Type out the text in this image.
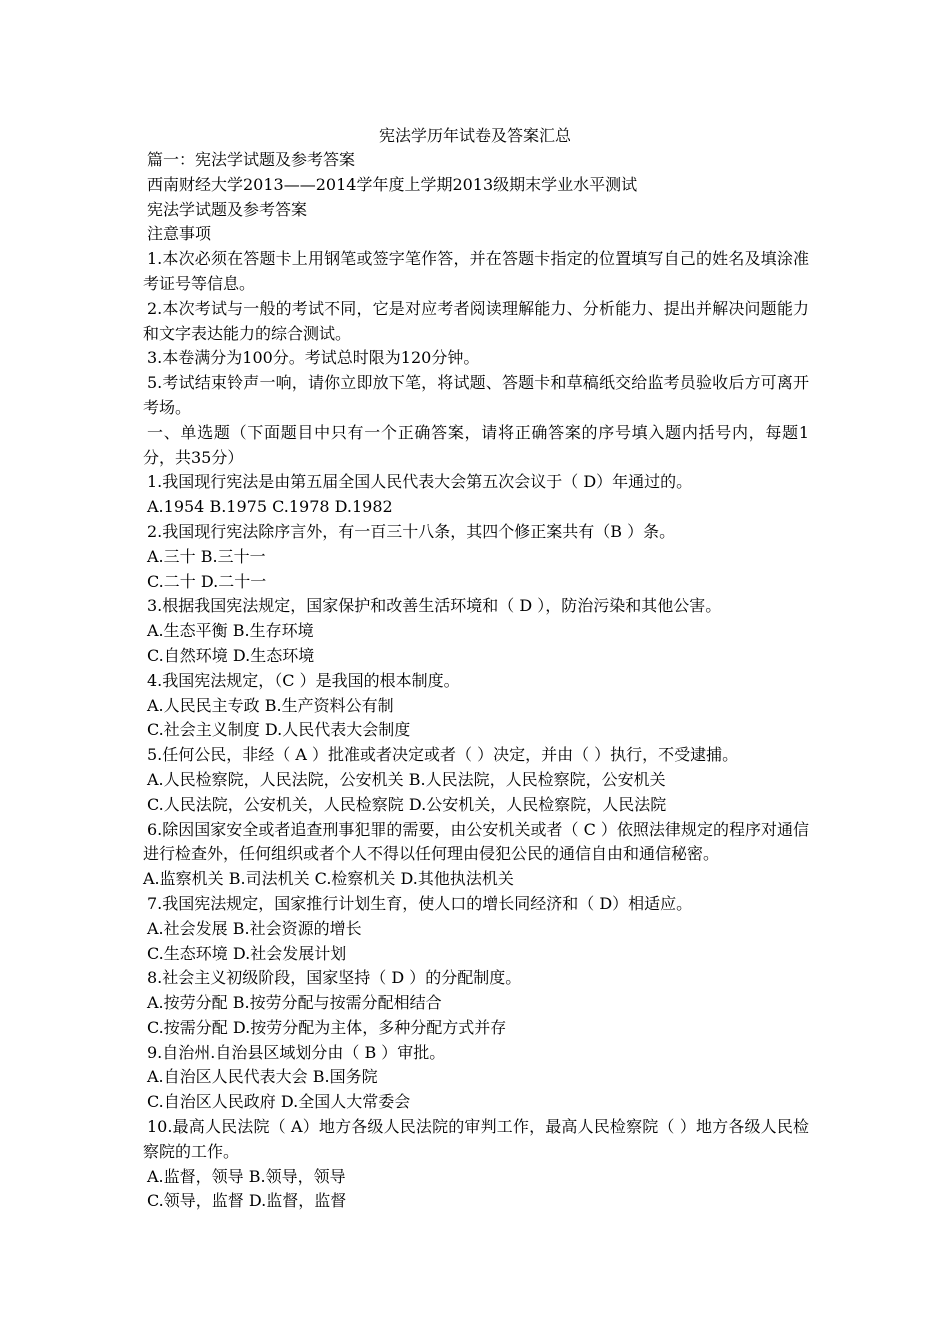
宪法学历年试卷及答案汇总

篇一：宪法学试题及参考答案

西南财经大学2013——2014学年度上学期2013级期末学业水平测试

宪法学试题及参考答案

注意事项

1.本次必须在答题卡上用钢笔或签字笔作答，并在答题卡指定的位置填写自己的姓名及填涂准考证号等信息。

2.本次考试与一般的考试不同，它是对应考者阅读理解能力、分析能力、提出并解决问题能力和文字表达能力的综合测试。

3.本卷满分为100分。考试总时限为120分钟。

5.考试结束铃声一响，请你立即放下笔，将试题、答题卡和草稿纸交给监考员验收后方可离开考场。

一、单选题（下面题目中只有一个正确答案，请将正确答案的序号填入题内括号内，每题1分，共35分）

1.我国现行宪法是由第五届全国人民代表大会第五次会议于（ D）年通过的。

A.1954 B.1975 C.1978 D.1982

2.我国现行宪法除序言外，有一百三十八条，其四个修正案共有（B ）条。

A.三十 B.三十一

C.二十 D.二十一

3.根据我国宪法规定，国家保护和改善生活环境和（ D ），防治污染和其他公害。

A.生态平衡 B.生存环境

C.自然环境 D.生态环境

4.我国宪法规定，（C ）是我国的根本制度。

A.人民民主专政 B.生产资料公有制

C.社会主义制度 D.人民代表大会制度

5.任何公民，非经（ A ）批准或者决定或者（ ）决定，并由（ ）执行，不受逮捕。

A.人民检察院，人民法院，公安机关 B.人民法院，人民检察院，公安机关

C.人民法院，公安机关，人民检察院 D.公安机关，人民检察院，人民法院

6.除因国家安全或者追查刑事犯罪的需要，由公安机关或者（ C ）依照法律规定的程序对通信进行检查外，任何组织或者个人不得以任何理由侵犯公民的通信自由和通信秘密。

A.监察机关 B.司法机关 C.检察机关 D.其他执法机关

7.我国宪法规定，国家推行计划生育，使人口的增长同经济和（ D）相适应。

A.社会发展 B.社会资源的增长

C.生态环境 D.社会发展计划

8.社会主义初级阶段，国家坚持（ D ）的分配制度。

A.按劳分配 B.按劳分配与按需分配相结合

C.按需分配 D.按劳分配为主体，多种分配方式并存

9.自治州.自治县区域划分由（ B ）审批。

A.自治区人民代表大会 B.国务院

C.自治区人民政府 D.全国人大常委会

10.最高人民法院（ A）地方各级人民法院的审判工作，最高人民检察院（ ）地方各级人民检察院的工作。

A.监督，领导 B.领导，领导

C.领导，监督 D.监督，监督
